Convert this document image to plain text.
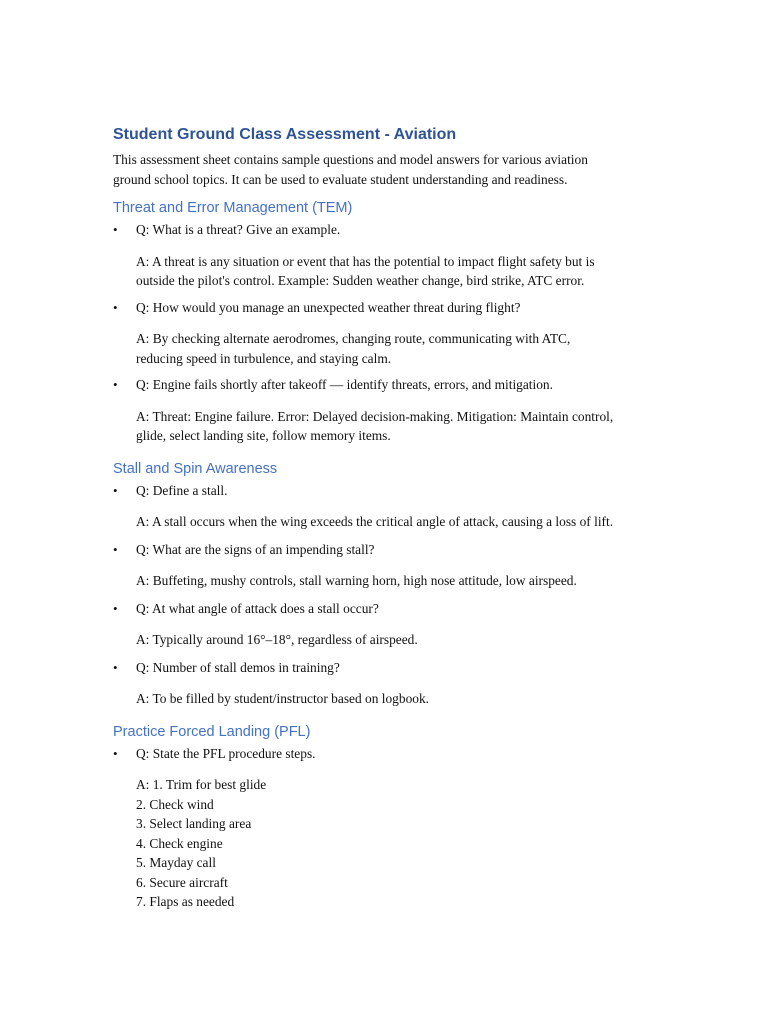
Student Ground Class Assessment - Aviation

This assessment sheet contains sample questions and model answers for various aviation
ground school topics. It can be used to evaluate student understanding and readiness.

Threat and Error Management (TEM)
• Q: What is a threat? Give an example.
A: A threat is any situation or event that has the potential to impact flight safety but is
outside the pilot's control. Example: Sudden weather change, bird strike, ATC error.
• Q: How would you manage an unexpected weather threat during flight?
A: By checking alternate aerodromes, changing route, communicating with ATC,
reducing speed in turbulence, and staying calm.
• Q: Engine fails shortly after takeoff — identify threats, errors, and mitigation.
A: Threat: Engine failure. Error: Delayed decision-making. Mitigation: Maintain control,
glide, select landing site, follow memory items.
Stall and Spin Awareness
• Q: Define a stall.
A: A stall occurs when the wing exceeds the critical angle of attack, causing a loss of lift.
• Q: What are the signs of an impending stall?
A: Buffeting, mushy controls, stall warning horn, high nose attitude, low airspeed.
• Q: At what angle of attack does a stall occur?
A: Typically around 16°–18°, regardless of airspeed.
• Q: Number of stall demos in training?
A: To be filled by student/instructor based on logbook.
Practice Forced Landing (PFL)
• Q: State the PFL procedure steps.
A: 1. Trim for best glide
2. Check wind
3. Select landing area
4. Check engine
5. Mayday call
6. Secure aircraft
7. Flaps as needed
